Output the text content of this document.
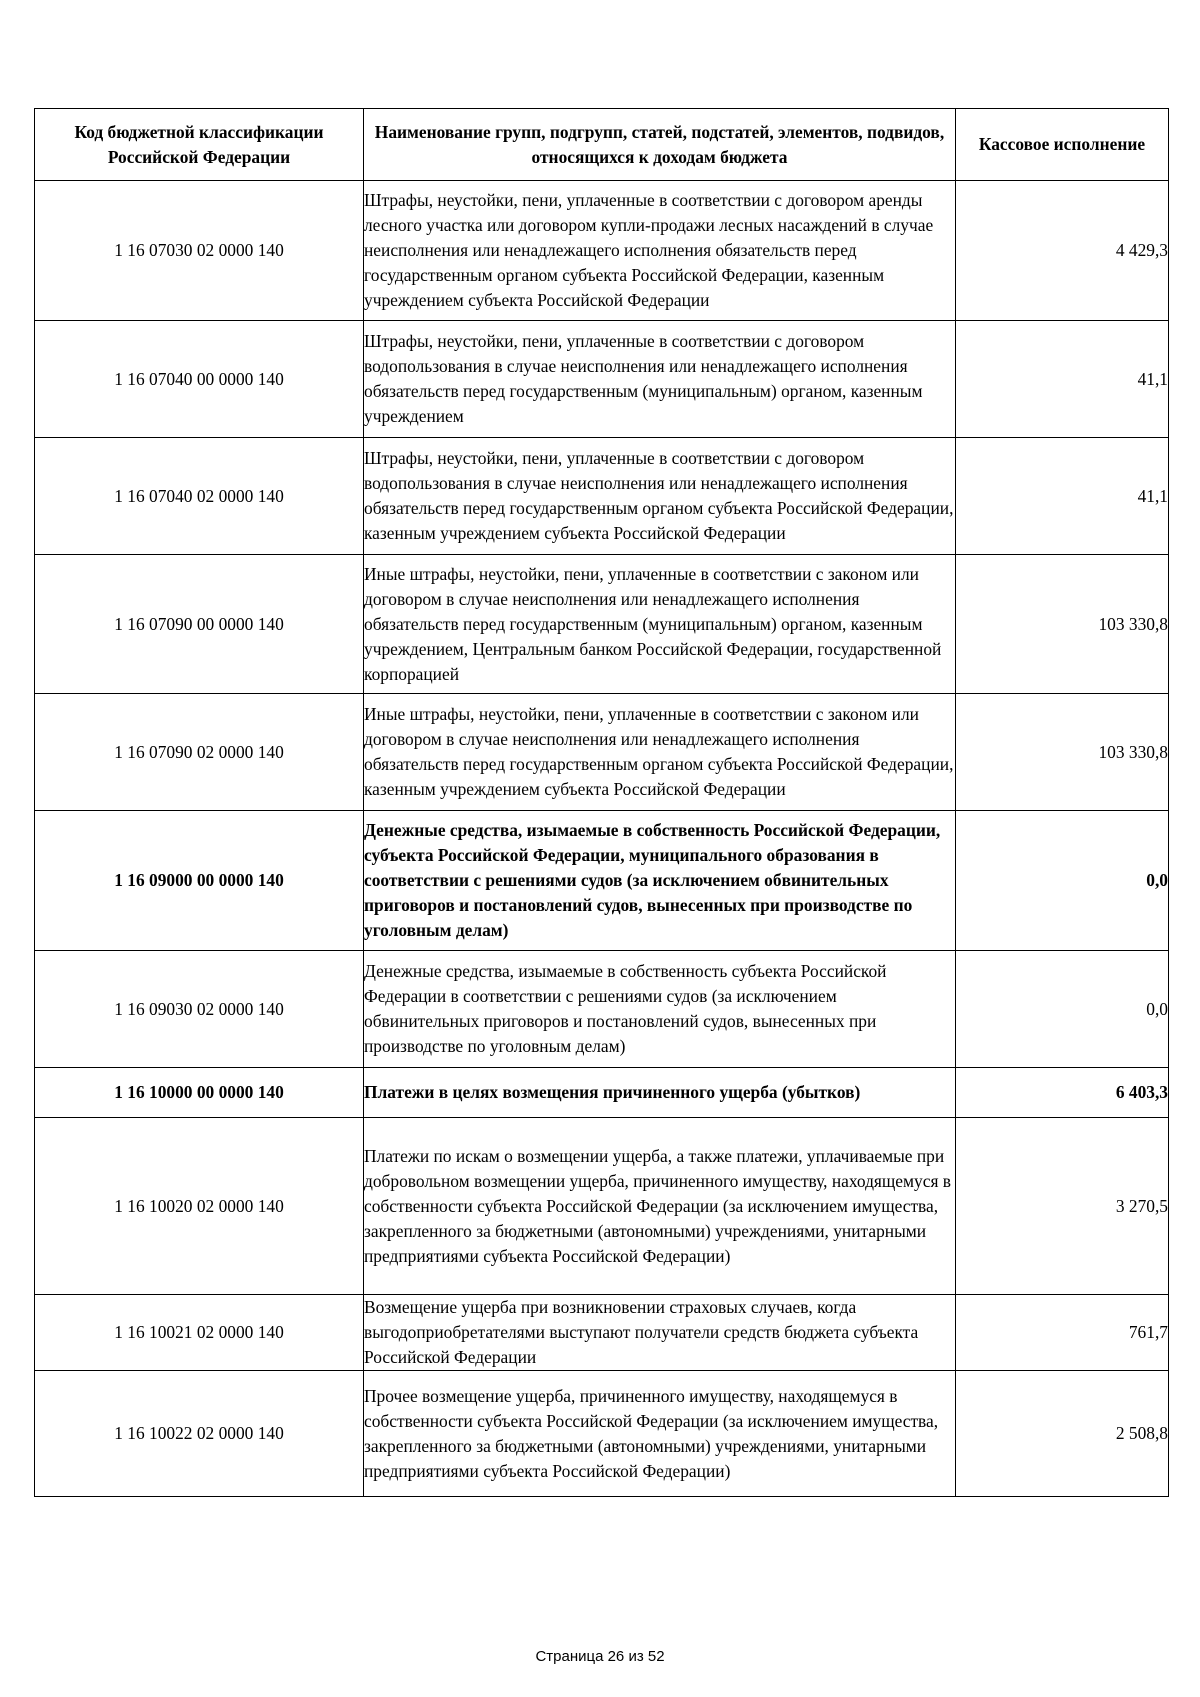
Код бюджетной классификации Российской Федерации	Наименование групп, подгрупп, статей, подстатей, элементов, подвидов, относящихся к доходам бюджета	Кассовое исполнение
1 16 07030 02 0000 140	Штрафы, неустойки, пени, уплаченные в соответствии с договором аренды лесного участка или договором купли-продажи лесных насаждений в случае неисполнения или ненадлежащего исполнения обязательств перед государственным органом субъекта Российской Федерации, казенным учреждением субъекта Российской Федерации	4 429,3
1 16 07040 00 0000 140	Штрафы, неустойки, пени, уплаченные в соответствии с договором водопользования в случае неисполнения или ненадлежащего исполнения обязательств перед государственным (муниципальным) органом, казенным учреждением	41,1
1 16 07040 02 0000 140	Штрафы, неустойки, пени, уплаченные в соответствии с договором водопользования в случае неисполнения или ненадлежащего исполнения обязательств перед государственным органом субъекта Российской Федерации, казенным учреждением субъекта Российской Федерации	41,1
1 16 07090 00 0000 140	Иные штрафы, неустойки, пени, уплаченные в соответствии с законом или договором в случае неисполнения или ненадлежащего исполнения обязательств перед государственным (муниципальным) органом, казенным учреждением, Центральным банком Российской Федерации, государственной корпорацией	103 330,8
1 16 07090 02 0000 140	Иные штрафы, неустойки, пени, уплаченные в соответствии с законом или договором в случае неисполнения или ненадлежащего исполнения обязательств перед государственным органом субъекта Российской Федерации, казенным учреждением субъекта Российской Федерации	103 330,8
1 16 09000 00 0000 140	Денежные средства, изымаемые в собственность Российской Федерации, субъекта Российской Федерации, муниципального образования в соответствии с решениями судов (за исключением обвинительных приговоров и постановлений судов, вынесенных при производстве по уголовным делам)	0,0
1 16 09030 02 0000 140	Денежные средства, изымаемые в собственность субъекта Российской Федерации в соответствии с решениями судов (за исключением обвинительных приговоров и постановлений судов, вынесенных при производстве по уголовным делам)	0,0
1 16 10000 00 0000 140	Платежи в целях возмещения причиненного ущерба (убытков)	6 403,3
1 16 10020 02 0000 140	Платежи по искам о возмещении ущерба, а также платежи, уплачиваемые при добровольном возмещении ущерба, причиненного имуществу, находящемуся в собственности субъекта Российской Федерации (за исключением имущества, закрепленного за бюджетными (автономными) учреждениями, унитарными предприятиями субъекта Российской Федерации)	3 270,5
1 16 10021 02 0000 140	Возмещение ущерба при возникновении страховых случаев, когда выгодоприобретателями выступают получатели средств бюджета субъекта Российской Федерации	761,7
1 16 10022 02 0000 140	Прочее возмещение ущерба, причиненного имуществу, находящемуся в собственности субъекта Российской Федерации (за исключением имущества, закрепленного за бюджетными (автономными) учреждениями, унитарными предприятиями субъекта Российской Федерации)	2 508,8
Страница 26 из 52
